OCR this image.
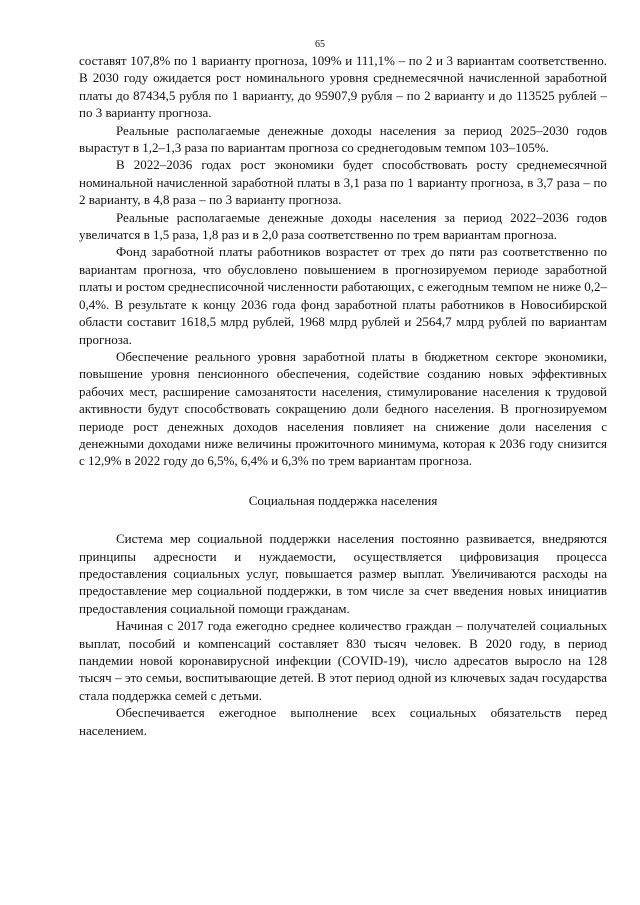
65

составят 107,8% по 1 варианту прогноза, 109% и 111,1% – по 2 и 3 вариантам соответственно. В 2030 году ожидается рост номинального уровня среднемесячной начисленной заработной платы до 87434,5 рубля по 1 варианту, до 95907,9 рубля – по 2 варианту и до 113525 рублей – по 3 варианту прогноза.

Реальные располагаемые денежные доходы населения за период 2025–2030 годов вырастут в 1,2–1,3 раза по вариантам прогноза со среднегодовым темпом 103–105%.

В 2022–2036 годах рост экономики будет способствовать росту среднемесячной номинальной начисленной заработной платы в 3,1 раза по 1 варианту прогноза, в 3,7 раза – по 2 варианту, в 4,8 раза – по 3 варианту прогноза.

Реальные располагаемые денежные доходы населения за период 2022–2036 годов увеличатся в 1,5 раза, 1,8 раз и в 2,0 раза соответственно по трем вариантам прогноза.

Фонд заработной платы работников возрастет от трех до пяти раз соответственно по вариантам прогноза, что обусловлено повышением в прогнозируемом периоде заработной платы и ростом среднесписочной численности работающих, с ежегодным темпом не ниже 0,2–0,4%. В результате к концу 2036 года фонд заработной платы работников в Новосибирской области составит 1618,5 млрд рублей, 1968 млрд рублей и 2564,7 млрд рублей по вариантам прогноза.

Обеспечение реального уровня заработной платы в бюджетном секторе экономики, повышение уровня пенсионного обеспечения, содействие созданию новых эффективных рабочих мест, расширение самозанятости населения, стимулирование населения к трудовой активности будут способствовать сокращению доли бедного населения. В прогнозируемом периоде рост денежных доходов населения повлияет на снижение доли населения с денежными доходами ниже величины прожиточного минимума, которая к 2036 году снизится с 12,9% в 2022 году до 6,5%, 6,4% и 6,3% по трем вариантам прогноза.

Социальная поддержка населения

Система мер социальной поддержки населения постоянно развивается, внедряются принципы адресности и нуждаемости, осуществляется цифровизация процесса предоставления социальных услуг, повышается размер выплат. Увеличиваются расходы на предоставление мер социальной поддержки, в том числе за счет введения новых инициатив предоставления социальной помощи гражданам.

Начиная с 2017 года ежегодно среднее количество граждан – получателей социальных выплат, пособий и компенсаций составляет 830 тысяч человек. В 2020 году, в период пандемии новой коронавирусной инфекции (COVID-19), число адресатов выросло на 128 тысяч – это семьи, воспитывающие детей. В этот период одной из ключевых задач государства стала поддержка семей с детьми.

Обеспечивается ежегодное выполнение всех социальных обязательств перед населением.
